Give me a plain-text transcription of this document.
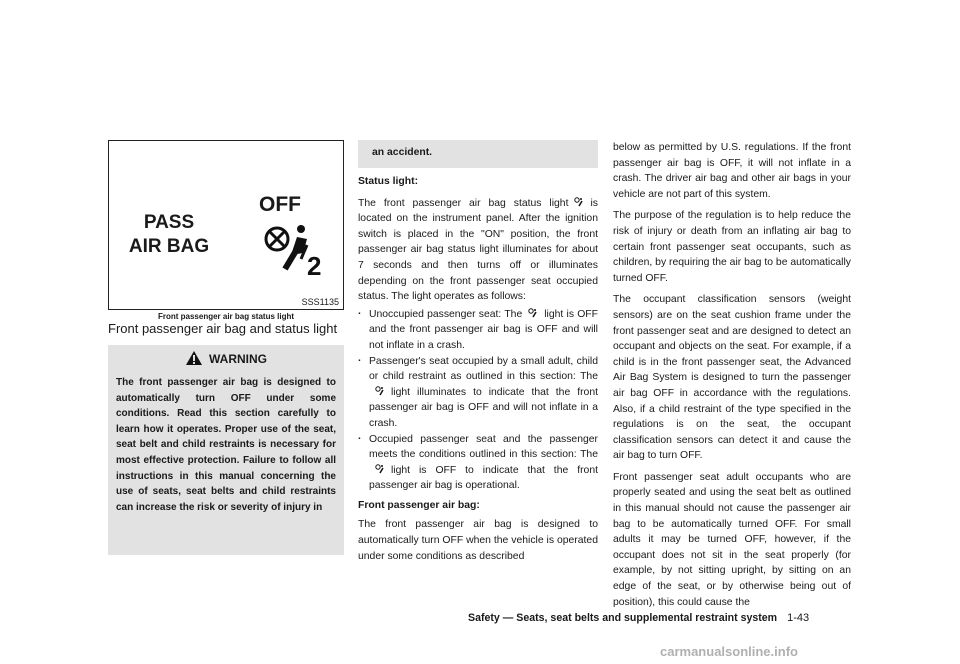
PASS
AIR BAG
OFF
2
SSS1135
Front passenger air bag status light
Front passenger air bag and status light
WARNING
The front passenger air bag is designed to automatically turn OFF under some conditions. Read this section carefully to learn how it operates. Proper use of the seat, seat belt and child restraints is necessary for most effective protection. Failure to follow all instructions in this manual concerning the use of seats, seat belts and child restraints can increase the risk or severity of injury in
an accident.

Status light:

The front passenger air bag status light is located on the instrument panel. After the ignition switch is placed in the "ON" position, the front passenger air bag status light illuminates for about 7 seconds and then turns off or illuminates depending on the front passenger seat occupied status. The light operates as follows:

. Unoccupied passenger seat: The light is OFF and the front passenger air bag is OFF and will not inflate in a crash.
. Passenger's seat occupied by a small adult, child or child restraint as outlined in this section: Thelight illuminates to indicate that the front passenger air bag is OFF and will not inflate in a crash.
. Occupied passenger seat and the passenger meets the conditions outlined in this section: Thelight is OFF to indicate that the front passenger air bag is operational.

Front passenger air bag:

The front passenger air bag is designed to automatically turn OFF when the vehicle is operated under some conditions as described

below as permitted by U.S. regulations. If the front passenger air bag is OFF, it will not inflate in a crash. The driver air bag and other air bags in your vehicle are not part of this system.

The purpose of the regulation is to help reduce the risk of injury or death from an inflating air bag to certain front passenger seat occupants, such as children, by requiring the air bag to be automatically turned OFF.

The occupant classification sensors (weight sensors) are on the seat cushion frame under the front passenger seat and are designed to detect an occupant and objects on the seat. For example, if a child is in the front passenger seat, the Advanced Air Bag System is designed to turn the passenger air bag OFF in accordance with the regulations. Also, if a child restraint of the type specified in the regulations is on the seat, the occupant classification sensors can detect it and cause the air bag to turn OFF.

Front passenger seat adult occupants who are properly seated and using the seat belt as outlined in this manual should not cause the passenger air bag to be automatically turned OFF. For small adults it may be turned OFF, however, if the occupant does not sit in the seat properly (for example, by not sitting upright, by sitting on an edge of the seat, or by otherwise being out of position), this could cause the

Safety — Seats, seat belts and supplemental restraint system 1-43
carmanualsonline.info
